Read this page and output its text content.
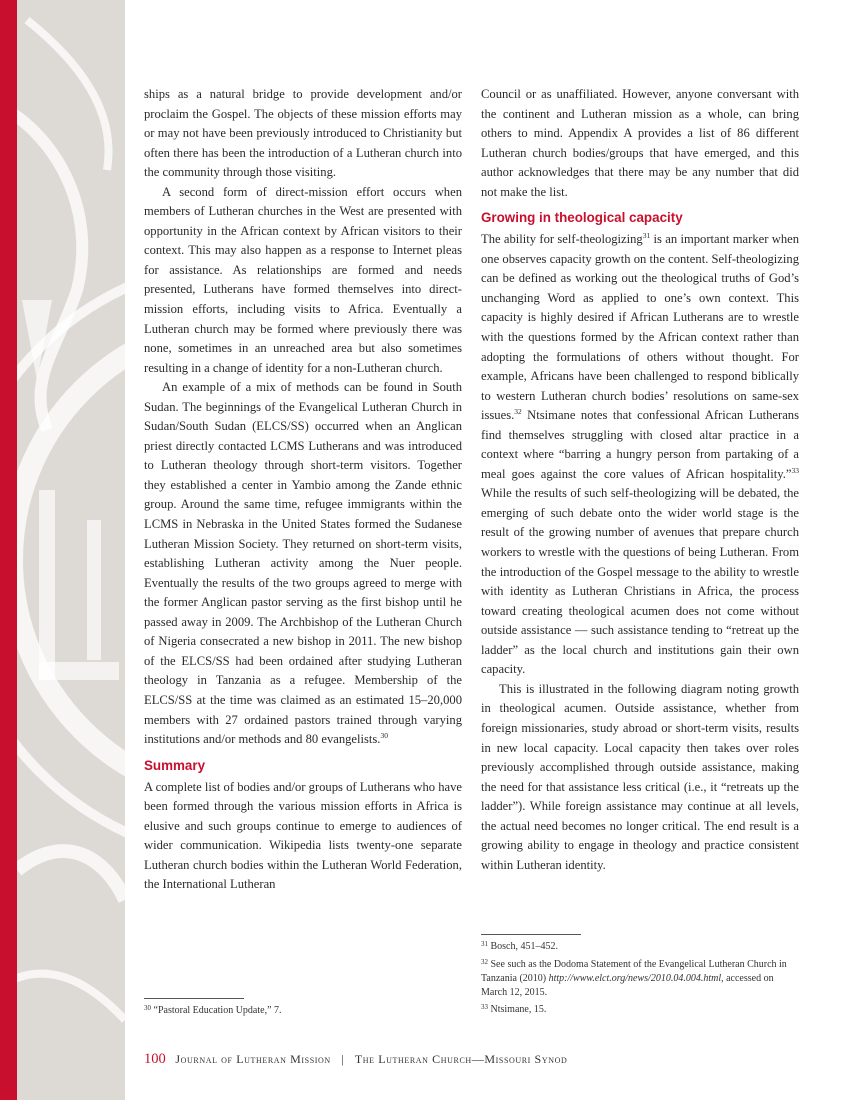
ships as a natural bridge to provide development and/or proclaim the Gospel. The objects of these mission efforts may or may not have been previously introduced to Christianity but often there has been the introduction of a Lutheran church into the community through those visiting.

A second form of direct-mission effort occurs when members of Lutheran churches in the West are presented with opportunity in the African context by African visitors to their context. This may also happen as a response to Internet pleas for assistance. As relationships are formed and needs presented, Lutherans have formed themselves into direct-mission efforts, including visits to Africa. Eventually a Lutheran church may be formed where previously there was none, sometimes in an unreached area but also sometimes resulting in a change of identity for a non-Lutheran church.

An example of a mix of methods can be found in South Sudan. The beginnings of the Evangelical Lutheran Church in Sudan/South Sudan (ELCS/SS) occurred when an Anglican priest directly contacted LCMS Lutherans and was introduced to Lutheran theology through short-term visitors. Together they established a center in Yambio among the Zande ethnic group. Around the same time, refugee immigrants within the LCMS in Nebraska in the United States formed the Sudanese Lutheran Mission Society. They returned on short-term visits, establishing Lutheran activity among the Nuer people. Eventually the results of the two groups agreed to merge with the former Anglican pastor serving as the first bishop until he passed away in 2009. The Archbishop of the Lutheran Church of Nigeria consecrated a new bishop in 2011. The new bishop of the ELCS/SS had been ordained after studying Lutheran theology in Tanzania as a refugee. Membership of the ELCS/SS at the time was claimed as an estimated 15–20,000 members with 27 ordained pastors trained through varying institutions and/or methods and 80 evangelists.$^{30}$

Summary

A complete list of bodies and/or groups of Lutherans who have been formed through the various mission efforts in Africa is elusive and such groups continue to emerge to audiences of wider communication. Wikipedia lists twenty-one separate Lutheran church bodies within the Lutheran World Federation, the International Lutheran

Council or as unaffiliated. However, anyone conversant with the continent and Lutheran mission as a whole, can bring others to mind. Appendix A provides a list of 86 different Lutheran church bodies/groups that have emerged, and this author acknowledges that there may be any number that did not make the list.

Growing in theological capacity

The ability for self-theologizing$^{31}$ is an important marker when one observes capacity growth on the content. Self-theologizing can be defined as working out the theological truths of God’s unchanging Word as applied to one’s own context. This capacity is highly desired if African Lutherans are to wrestle with the questions formed by the African context rather than adopting the formulations of others without thought. For example, Africans have been challenged to respond biblically to western Lutheran church bodies’ resolutions on same-sex issues.$^{32}$ Ntsimane notes that confessional African Lutherans find themselves struggling with closed altar practice in a context where “barring a hungry person from partaking of a meal goes against the core values of African hospitality.”$^{33}$ While the results of such self-theologizing will be debated, the emerging of such debate onto the wider world stage is the result of the growing number of avenues that prepare church workers to wrestle with the questions of being Lutheran. From the introduction of the Gospel message to the ability to wrestle with identity as Lutheran Christians in Africa, the process toward creating theological acumen does not come without outside assistance — such assistance tending to “retreat up the ladder” as the local church and institutions gain their own capacity.

This is illustrated in the following diagram noting growth in theological acumen. Outside assistance, whether from foreign missionaries, study abroad or short-term visits, results in new local capacity. Local capacity then takes over roles previously accomplished through outside assistance, making the need for that assistance less critical (i.e., it “retreats up the ladder”). While foreign assistance may continue at all levels, the actual need becomes no longer critical. The end result is a growing ability to engage in theology and practice consistent within Lutheran identity.

$^{30}$ “Pastoral Education Update,” 7.
$^{31}$ Bosch, 451–452.
$^{32}$ See such as the Dodoma Statement of the Evangelical Lutheran Church in Tanzania (2010) http://www.elct.org/news/2010.04.004.html, accessed on March 12, 2015.
$^{33}$ Ntsimane, 15.
100 Journal of Lutheran Mission | The Lutheran Church—Missouri Synod
